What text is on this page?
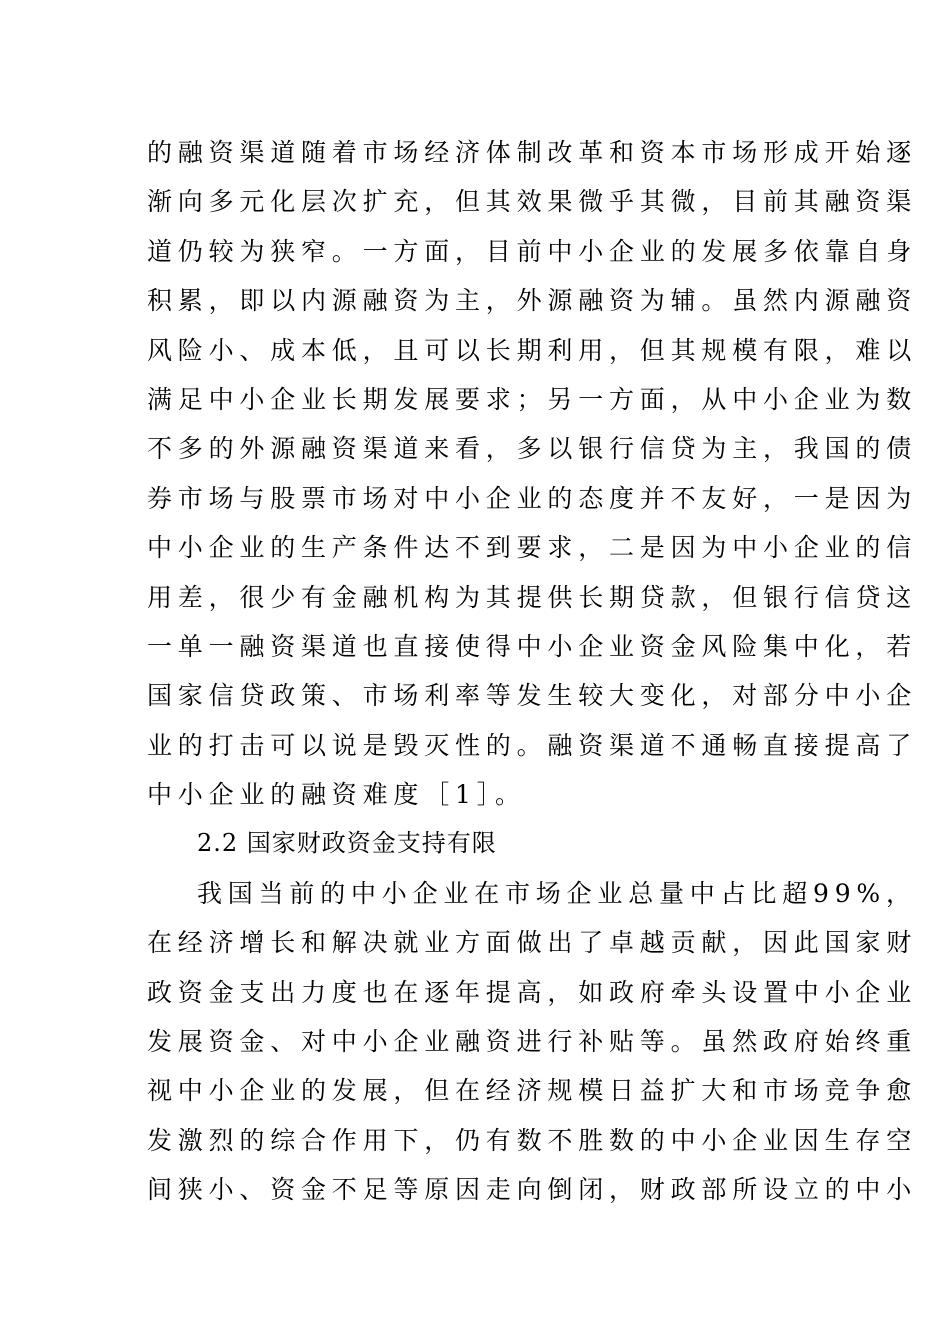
的融资渠道随着市场经济体制改革和资本市场形成开始逐
渐向多元化层次扩充，但其效果微乎其微，目前其融资渠
道仍较为狭窄。一方面，目前中小企业的发展多依靠自身
积累，即以内源融资为主，外源融资为辅。虽然内源融资
风险小、成本低，且可以长期利用，但其规模有限，难以
满足中小企业长期发展要求；另一方面，从中小企业为数
不多的外源融资渠道来看，多以银行信贷为主，我国的债
券市场与股票市场对中小企业的态度并不友好，一是因为
中小企业的生产条件达不到要求，二是因为中小企业的信
用差，很少有金融机构为其提供长期贷款，但银行信贷这
一单一融资渠道也直接使得中小企业资金风险集中化，若
国家信贷政策、市场利率等发生较大变化，对部分中小企
业的打击可以说是毁灭性的。融资渠道不通畅直接提高了
中小企业的融资难度［1］。
2.2 国家财政资金支持有限
我国当前的中小企业在市场企业总量中占比超99%，
在经济增长和解决就业方面做出了卓越贡献，因此国家财
政资金支出力度也在逐年提高，如政府牵头设置中小企业
发展资金、对中小企业融资进行补贴等。虽然政府始终重
视中小企业的发展，但在经济规模日益扩大和市场竞争愈
发激烈的综合作用下，仍有数不胜数的中小企业因生存空
间狭小、资金不足等原因走向倒闭，财政部所设立的中小
